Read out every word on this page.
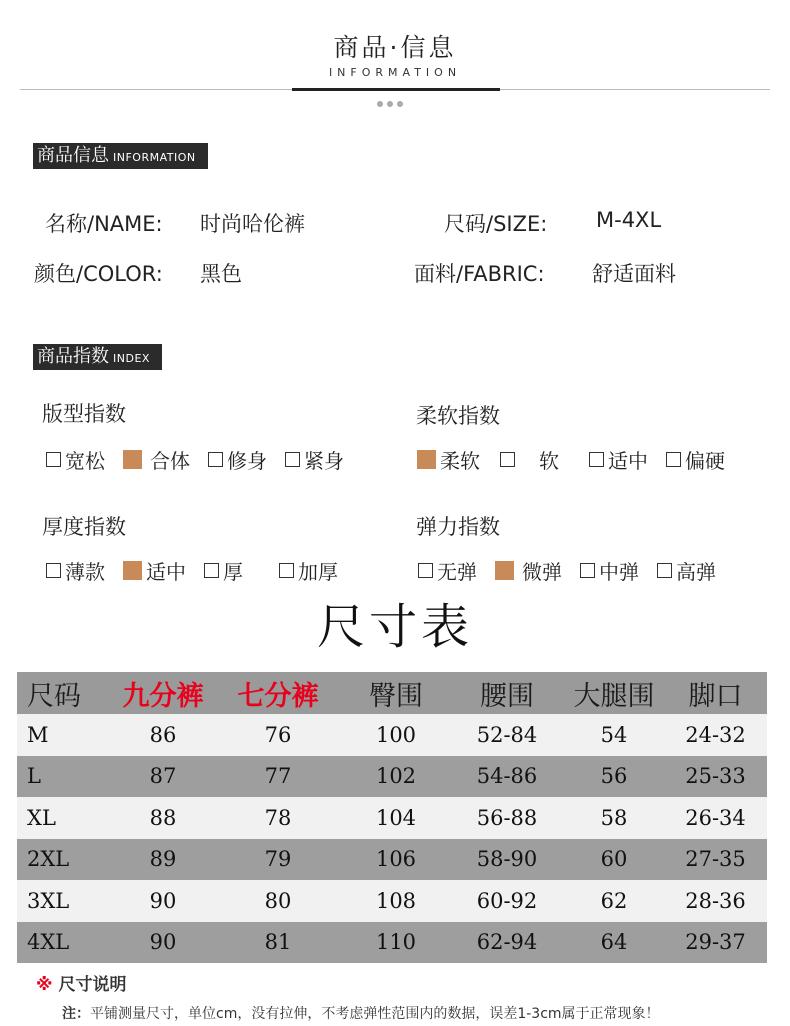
商品·信息
INFORMATION
商品信息 INFORMATION
名称/NAME: 时尚哈伦裤	尺码/SIZE: M-4XL
颜色/COLOR: 黑色	面料/FABRIC: 舒适面料
商品指数 INDEX
版型指数
宽松 合体 修身 紧身
柔软指数
柔软	软 适中 偏硬
厚度指数
薄款 适中 厚	加厚
弹力指数
无弹 微弹 中弹 高弹
尺寸表
尺码	九分裤	七分裤	臀围	腰围	大腿围	脚口
M	86	76	100	52-84	54	24-32
L	87	77	102	54-86	56	25-33
XL	88	78	104	56-88	58	26-34
2XL	89	79	106	58-90	60	27-35
3XL	90	80	108	60-92	62	28-36
4XL	90	81	110	62-94	64	29-37
※ 尺寸说明
注：平铺测量尺寸，单位cm，没有拉伸，不考虑弹性范围内的数据，误差1-3cm属于正常现象！
